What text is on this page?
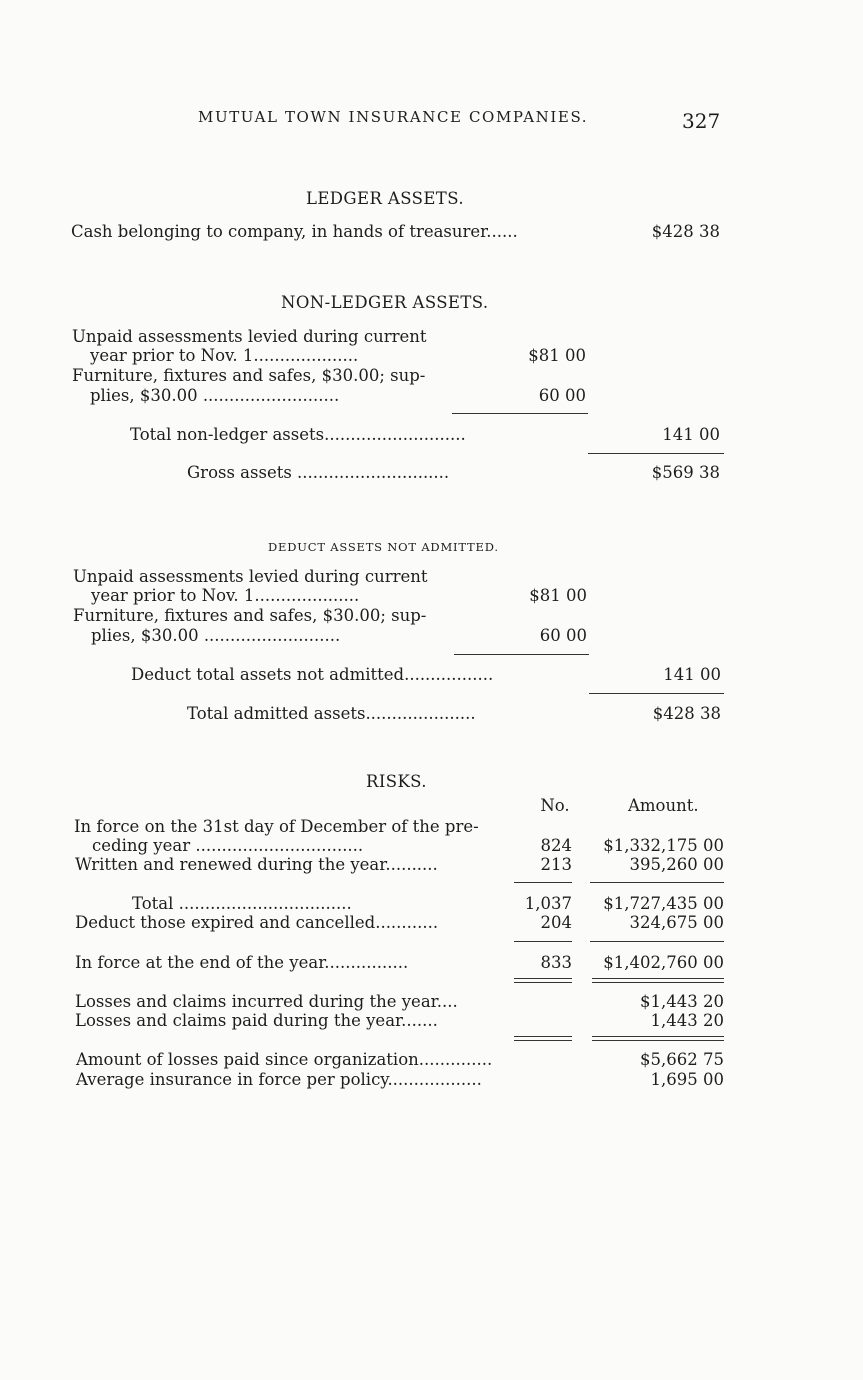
MUTUAL TOWN INSURANCE COMPANIES.	327
LEDGER ASSETS.
Cash belonging to company, in hands of treasurer......	$428 38
NON-LEDGER ASSETS.
Unpaid assessments levied during current
year prior to Nov. 1....................	$81 00
Furniture, fixtures and safes, $30.00; sup-
plies, $30.00 ..........................	60 00
Total non-ledger assets...........................	141 00
Gross assets .............................	$569 38
DEDUCT ASSETS NOT ADMITTED.
Unpaid assessments levied during current
year prior to Nov. 1....................	$81 00
Furniture, fixtures and safes, $30.00; sup-
plies, $30.00 ..........................	60 00
Deduct total assets not admitted.................	141 00
Total admitted assets.....................	$428 38
RISKS.
No.	Amount.
In force on the 31st day of December of the pre-
ceding year ................................	824	$1,332,175 00
Written and renewed during the year..........	213	395,260 00
Total .................................	1,037	$1,727,435 00
Deduct those expired and cancelled............	204	324,675 00
In force at the end of the year................	833	$1,402,760 00
Losses and claims incurred during the year....	$1,443 20
Losses and claims paid during the year.......	1,443 20
Amount of losses paid since organization..............	$5,662 75
Average insurance in force per policy..................	1,695 00
